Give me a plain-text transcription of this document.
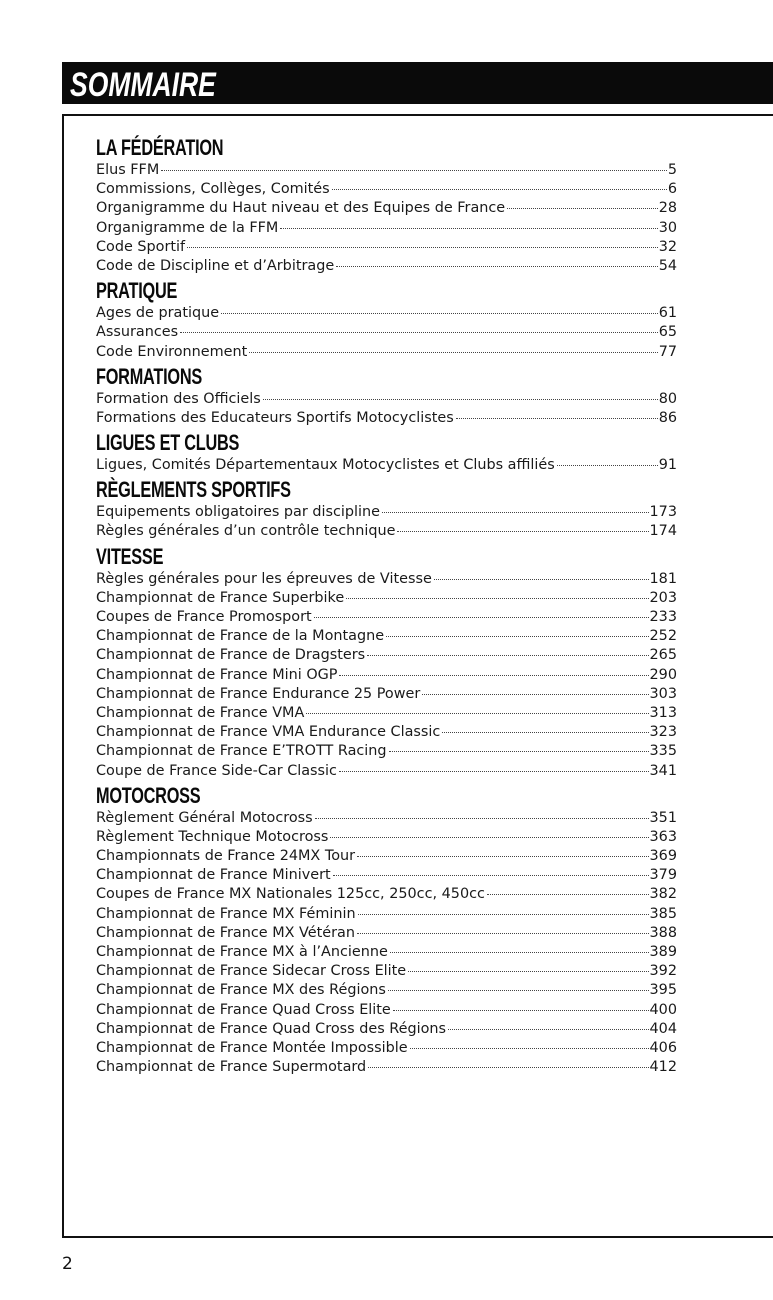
SOMMAIRE
LA FÉDÉRATION
Elus FFM	5
Commissions, Collèges, Comités	6
Organigramme du Haut niveau et des Equipes de France	28
Organigramme de la FFM	30
Code Sportif	32
Code de Discipline et d’Arbitrage	54
PRATIQUE
Ages de pratique	61
Assurances	65
Code Environnement	77
FORMATIONS
Formation des Officiels	80
Formations des Educateurs Sportifs Motocyclistes	86
LIGUES ET CLUBS
Ligues, Comités Départementaux Motocyclistes et Clubs affiliés	91
RÈGLEMENTS SPORTIFS
Equipements obligatoires par discipline	173
Règles générales d’un contrôle technique	174
VITESSE
Règles générales pour les épreuves de Vitesse	181
Championnat de France Superbike	203
Coupes de France Promosport	233
Championnat de France de la Montagne	252
Championnat de France de Dragsters	265
Championnat de France Mini OGP	290
Championnat de France Endurance 25 Power	303
Championnat de France VMA	313
Championnat de France VMA Endurance Classic	323
Championnat de France E’TROTT Racing	335
Coupe de France Side-Car Classic	341
MOTOCROSS
Règlement Général Motocross	351
Règlement Technique Motocross	363
Championnats de France 24MX Tour	369
Championnat de France Minivert	379
Coupes de France MX Nationales 125cc, 250cc, 450cc	382
Championnat de France MX Féminin	385
Championnat de France MX Vétéran	388
Championnat de France MX à l’Ancienne	389
Championnat de France Sidecar Cross Elite	392
Championnat de France MX des Régions	395
Championnat de France Quad Cross Elite	400
Championnat de France Quad Cross des Régions	404
Championnat de France Montée Impossible	406
Championnat de France Supermotard	412
2
